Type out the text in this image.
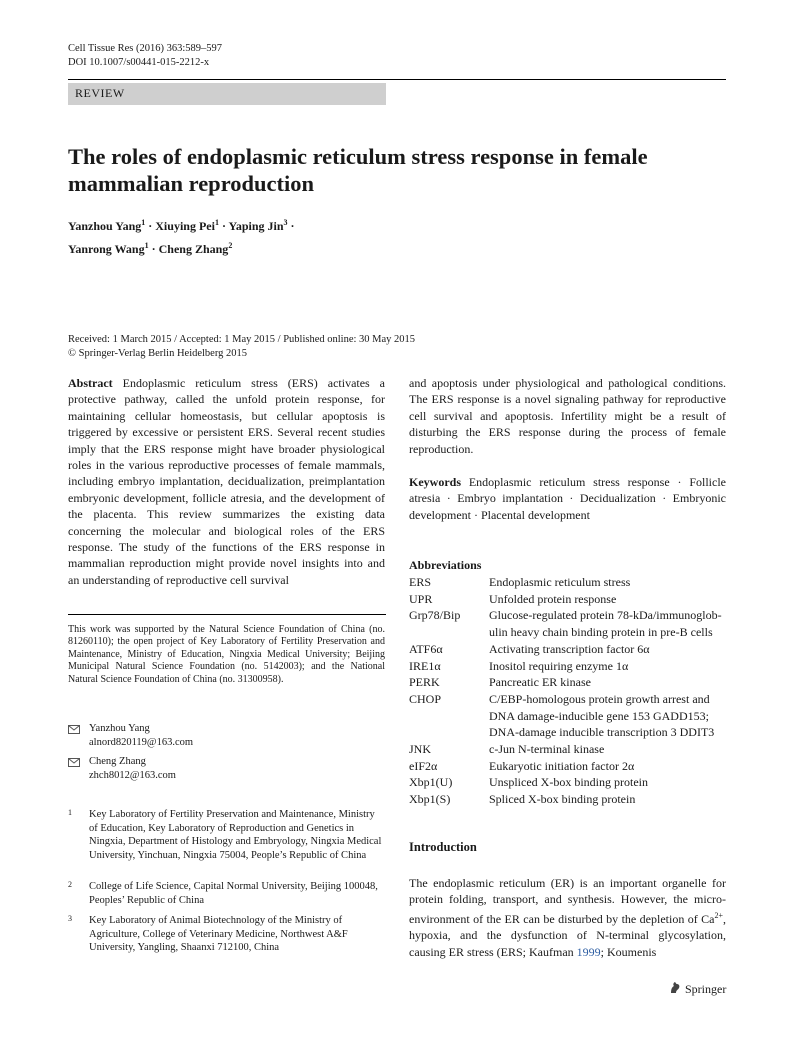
Cell Tissue Res (2016) 363:589–597
DOI 10.1007/s00441-015-2212-x
REVIEW
The roles of endoplasmic reticulum stress response in female mammalian reproduction
Yanzhou Yang$^1$ · Xiuying Pei$^1$ · Yaping Jin$^3$ ·
Yanrong Wang$^1$ · Cheng Zhang$^2$
Received: 1 March 2015 / Accepted: 1 May 2015 / Published online: 30 May 2015
© Springer-Verlag Berlin Heidelberg 2015
Abstract Endoplasmic reticulum stress (ERS) activates a protective pathway, called the unfold protein response, for maintaining cellular homeostasis, but cellular apoptosis is triggered by excessive or persistent ERS. Several recent studies imply that the ERS response might have broader physiological roles in the various reproductive processes of female mammals, including embryo implantation, decidualization, preimplantation embryonic development, follicle atresia, and the development of the placenta. This review summarizes the existing data concerning the molecular and biological roles of the ERS response. The study of the functions of the ERS response in mammalian reproduction might provide novel insights into and an understanding of reproductive cell survival
and apoptosis under physiological and pathological conditions. The ERS response is a novel signaling pathway for reproductive cell survival and apoptosis. Infertility might be a result of disturbing the ERS response during the process of female reproduction.
Keywords Endoplasmic reticulum stress response · Follicle atresia · Embryo implantation · Decidualization · Embryonic development · Placental development
This work was supported by the Natural Science Foundation of China (no. 81260110); the open project of Key Laboratory of Fertility Preservation and Maintenance, Ministry of Education, Ningxia Medical University; Beijing Municipal Natural Science Foundation (no. 5142003); and the National Natural Science Foundation of China (no. 31300958).
Yanzhou Yang
alnord820119@163.com
Cheng Zhang
zhch8012@163.com
1 Key Laboratory of Fertility Preservation and Maintenance, Ministry of Education, Key Laboratory of Reproduction and Genetics in Ningxia, Department of Histology and Embryology, Ningxia Medical University, Yinchuan, Ningxia 75004, People’s Republic of China
2 College of Life Science, Capital Normal University, Beijing 100048, Peoples’ Republic of China
3 Key Laboratory of Animal Biotechnology of the Ministry of Agriculture, College of Veterinary Medicine, Northwest A&F University, Yangling, Shaanxi 712100, China
Abbreviations
ERS	Endoplasmic reticulum stress
UPR	Unfolded protein response
Grp78/Bip	Glucose-regulated protein 78-kDa/immunoglob-ulin heavy chain binding protein in pre-B cells
ATF6α	Activating transcription factor 6α
IRE1α	Inositol requiring enzyme 1α
PERK	Pancreatic ER kinase
CHOP	C/EBP-homologous protein growth arrest and DNA damage-inducible gene 153 GADD153; DNA-damage inducible transcription 3 DDIT3
JNK	c-Jun N-terminal kinase
eIF2α	Eukaryotic initiation factor 2α
Xbp1(U)	Unspliced X-box binding protein
Xbp1(S)	Spliced X-box binding protein
Introduction
The endoplasmic reticulum (ER) is an important organelle for protein folding, transport, and synthesis. However, the micro-environment of the ER can be disturbed by the depletion of $Ca^{2+}$, hypoxia, and the dysfunction of N-terminal glycosylation, causing ER stress (ERS; Kaufman 1999; Koumenis
Springer
